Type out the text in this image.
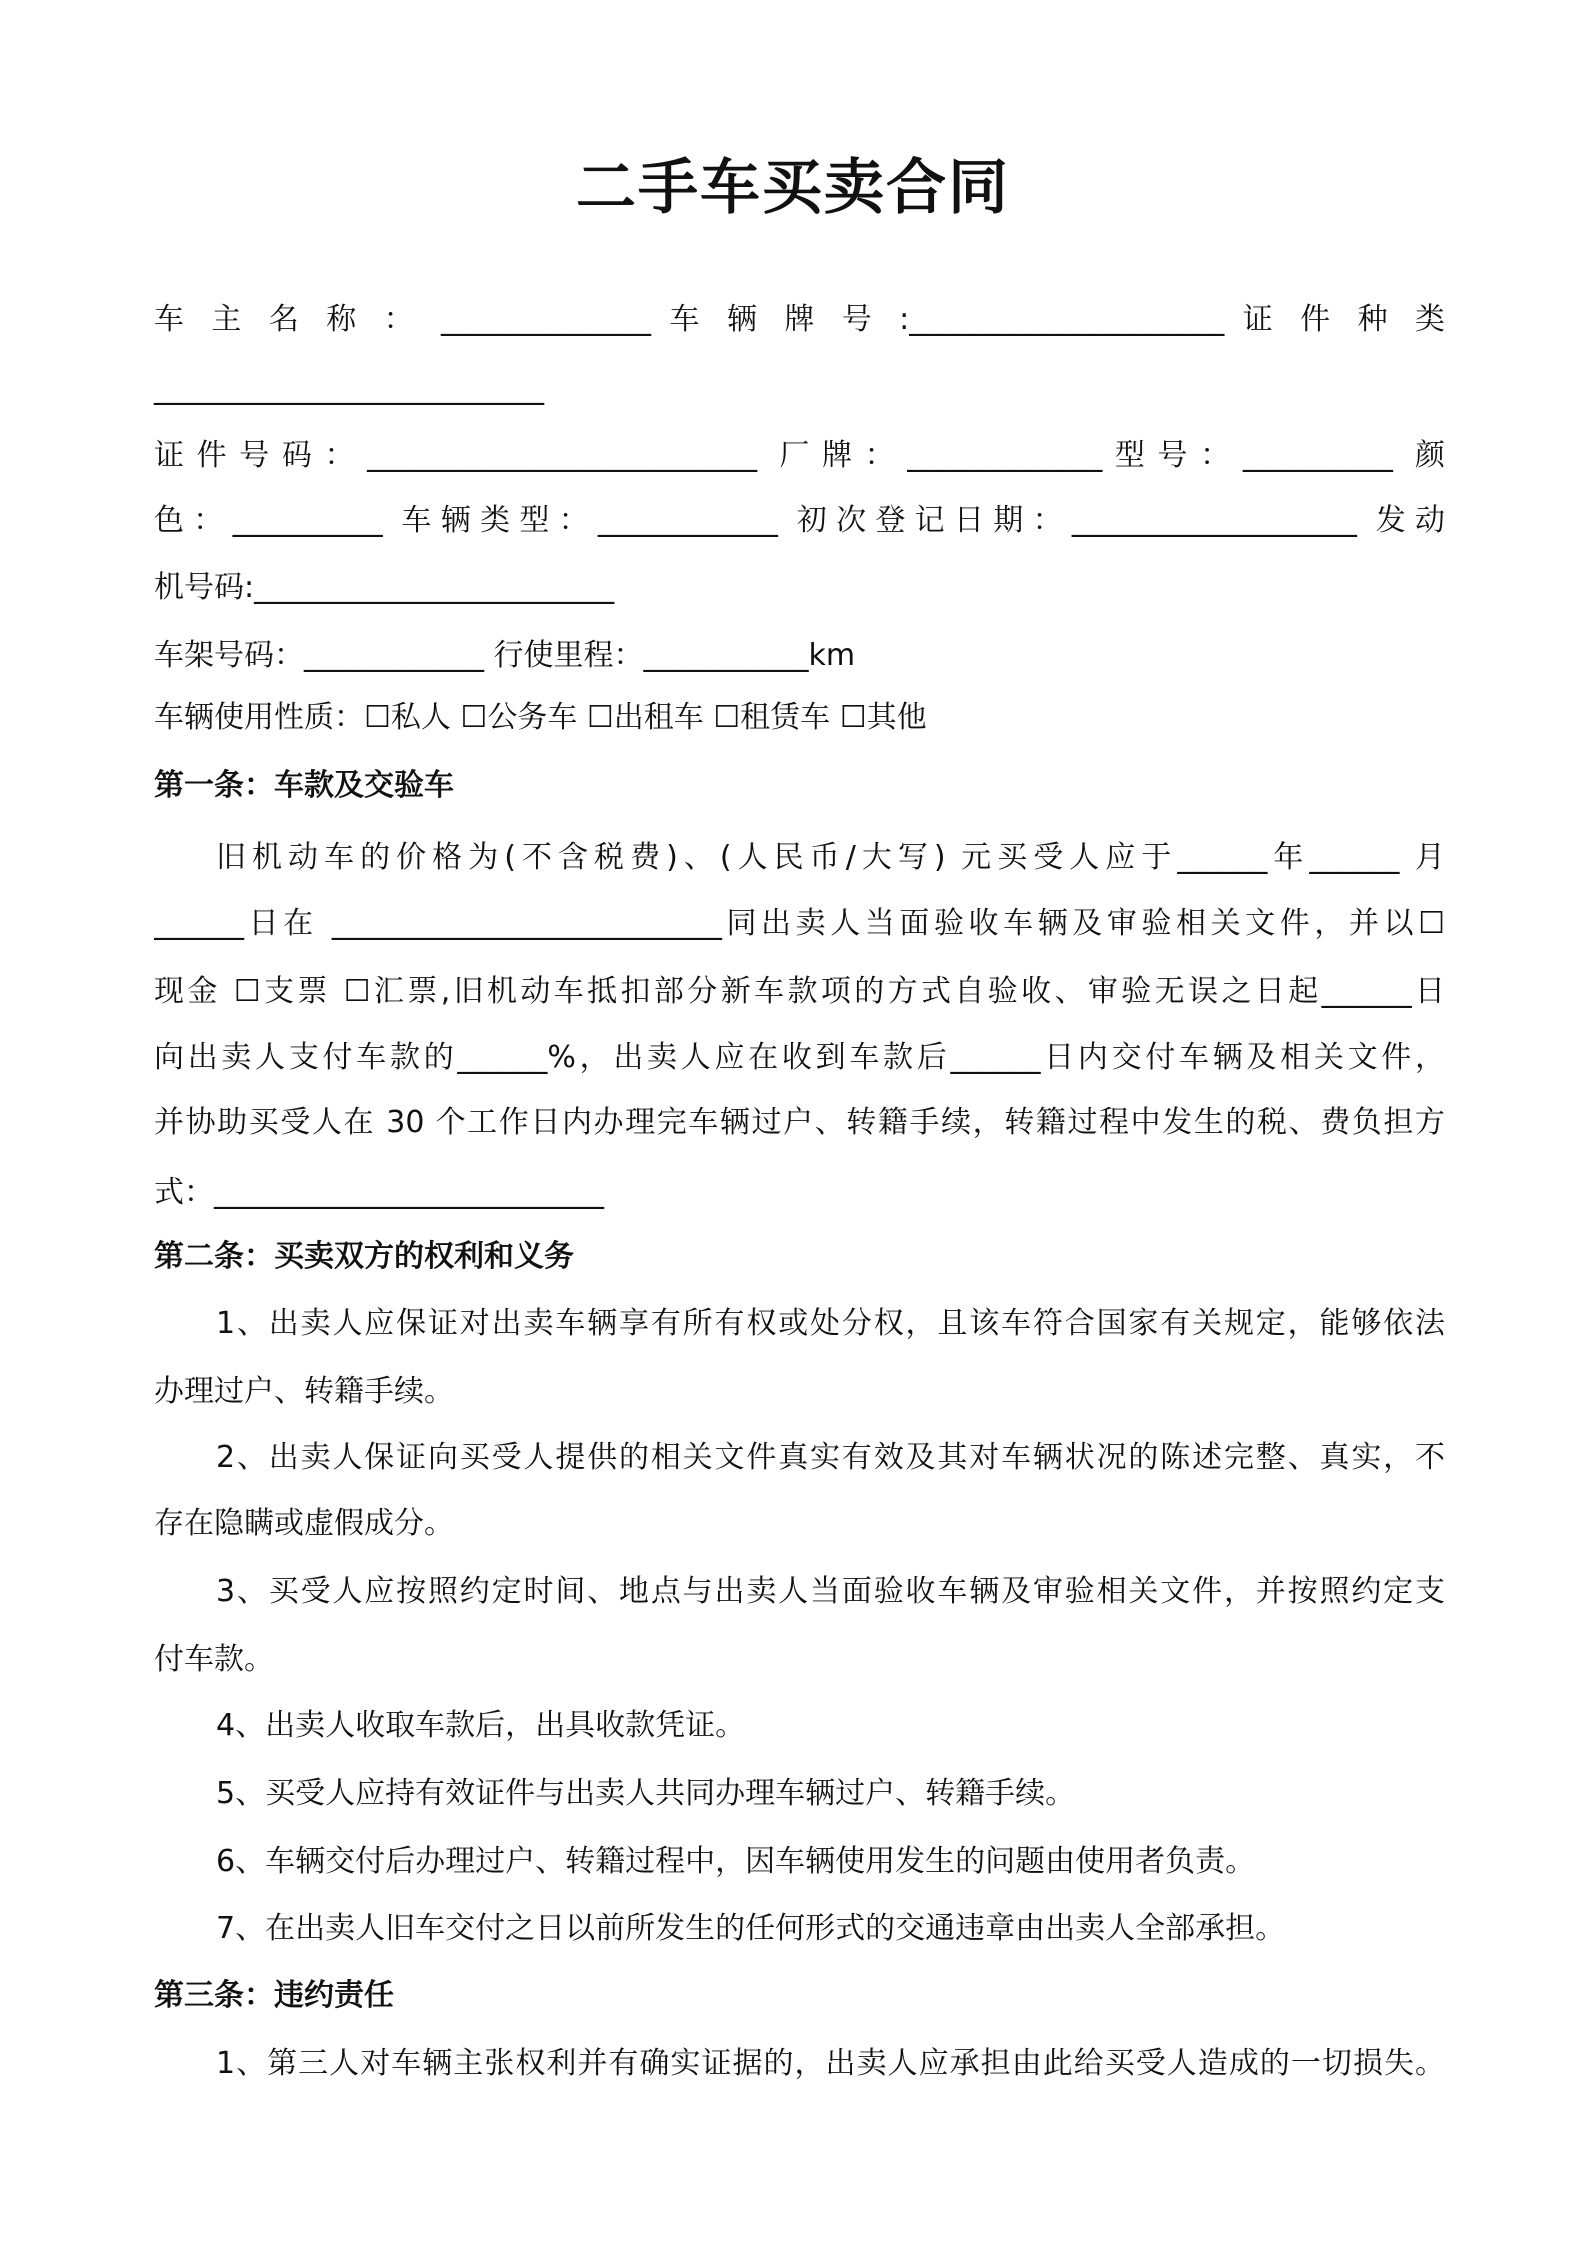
二手车买卖合同
车 主 名 称 ： ______________ 车 辆 牌 号 :_____________________ 证 件 种 类
__________________________
证件号码：__________________________ 厂牌：_____________型号：__________ 颜
色：__________ 车辆类型：____________ 初次登记日期：___________________ 发动
机号码:________________________
车架号码：____________ 行使里程：___________km
车辆使用性质：☐私人 ☐公务车 ☐出租车 ☐租赁车 ☐其他
第一条：车款及交验车
旧机动车的价格为(不含税费)、(人民币/大写) 元买受人应于______年______ 月
______日在 __________________________同出卖人当面验收车辆及审验相关文件，并以☐
现金 ☐支票 ☐汇票,旧机动车抵扣部分新车款项的方式自验收、审验无误之日起______日
向出卖人支付车款的______%，出卖人应在收到车款后______日内交付车辆及相关文件，
并协助买受人在 30 个工作日内办理完车辆过户、转籍手续，转籍过程中发生的税、费负担方
式：__________________________
第二条：买卖双方的权利和义务
1、出卖人应保证对出卖车辆享有所有权或处分权，且该车符合国家有关规定，能够依法
办理过户、转籍手续。
2、出卖人保证向买受人提供的相关文件真实有效及其对车辆状况的陈述完整、真实，不
存在隐瞒或虚假成分。
3、买受人应按照约定时间、地点与出卖人当面验收车辆及审验相关文件，并按照约定支
付车款。
4、出卖人收取车款后，出具收款凭证。
5、买受人应持有效证件与出卖人共同办理车辆过户、转籍手续。
6、车辆交付后办理过户、转籍过程中，因车辆使用发生的问题由使用者负责。
7、在出卖人旧车交付之日以前所发生的任何形式的交通违章由出卖人全部承担。
第三条：违约责任
1、第三人对车辆主张权利并有确实证据的，出卖人应承担由此给买受人造成的一切损失。
